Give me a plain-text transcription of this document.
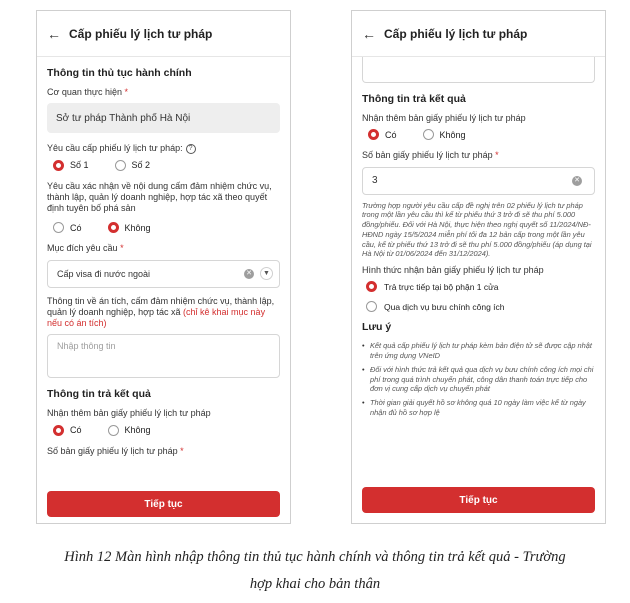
← Cấp phiếu lý lịch tư pháp
Thông tin thủ tục hành chính
Cơ quan thực hiện *
Sở tư pháp Thành phố Hà Nội
Yêu cầu cấp phiếu lý lịch tư pháp: ?
Số 1	Số 2
Yêu cầu xác nhận về nội dung cấm đảm nhiệm chức vụ, thành lập, quản lý doanh nghiệp, hợp tác xã theo quyết định tuyên bố phá sản
Có	Không
Mục đích yêu cầu *
Cấp visa đi nước ngoài	✕	▼
Thông tin về án tích, cấm đảm nhiệm chức vụ, thành lập, quản lý doanh nghiệp, hợp tác xã (chỉ kê khai mục này nếu có án tích)
Nhập thông tin
Thông tin trả kết quả
Nhận thêm bản giấy phiếu lý lịch tư pháp
Có	Không
Số bản giấy phiếu lý lịch tư pháp *
Tiếp tục
← Cấp phiếu lý lịch tư pháp
Thông tin trả kết quả
Nhận thêm bản giấy phiếu lý lịch tư pháp
Có	Không
Số bản giấy phiếu lý lịch tư pháp *
3	✕
Trường hợp người yêu cầu cấp đề nghị trên 02 phiếu lý lịch tư pháp trong một lần yêu cầu thì kể từ phiếu thứ 3 trở đi sẽ thu phí 5.000 đồng/phiếu. Đối với Hà Nội, thực hiện theo nghị quyết số 11/2024/NĐ-HĐND ngày 15/5/2024 miễn phí tối đa 12 bản cấp trong một lần yêu cầu, kể từ phiếu thứ 13 trở đi sẽ thu phí 5.000 đồng/phiếu (áp dụng tại Hà Nội từ 01/06/2024 đến 31/12/2024).
Hình thức nhận bản giấy phiếu lý lịch tư pháp
Trả trực tiếp tại bộ phận 1 cửa
Qua dịch vụ bưu chính công ích
Lưu ý
• Kết quả cấp phiếu lý lịch tư pháp kèm bản điện tử sẽ được cập nhật trên ứng dụng VNeID
• Đối với hình thức trả kết quả qua dịch vụ bưu chính công ích mọi chi phí trong quá trình chuyển phát, công dân thanh toán trực tiếp cho đơn vị cung cấp dịch vụ chuyển phát
• Thời gian giải quyết hồ sơ không quá 10 ngày làm việc kể từ ngày nhận đủ hồ sơ hợp lệ
Tiếp tục
Hình 12 Màn hình nhập thông tin thủ tục hành chính và thông tin trả kết quả - Trường
hợp khai cho bản thân
